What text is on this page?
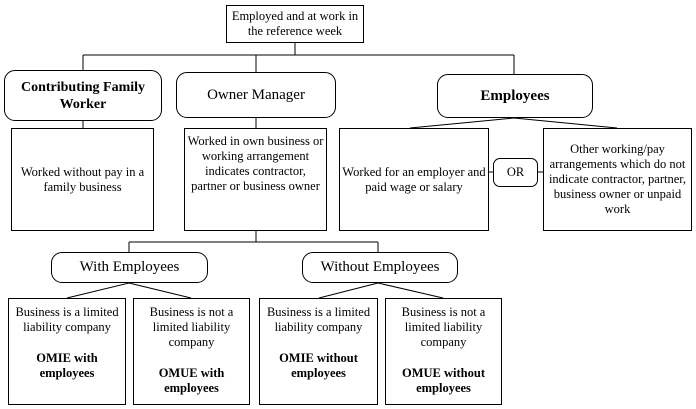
Employed and at work in the reference week
Contributing Family Worker
Owner Manager	Employees
Worked without pay in a family business
Worked in own business or working arrangement indicates contractor, partner or business owner
Worked for an employer and paid wage or salary
OR
Other working/pay arrangements which do not indicate contractor, partner, business owner or unpaid work
With Employees	Without Employees
Business is a limited liability company
OMIE with employees
Business is not a limited liability company
OMUE with employees
Business is a limited liability company
OMIE without employees
Business is not a limited liability company
OMUE without employees
